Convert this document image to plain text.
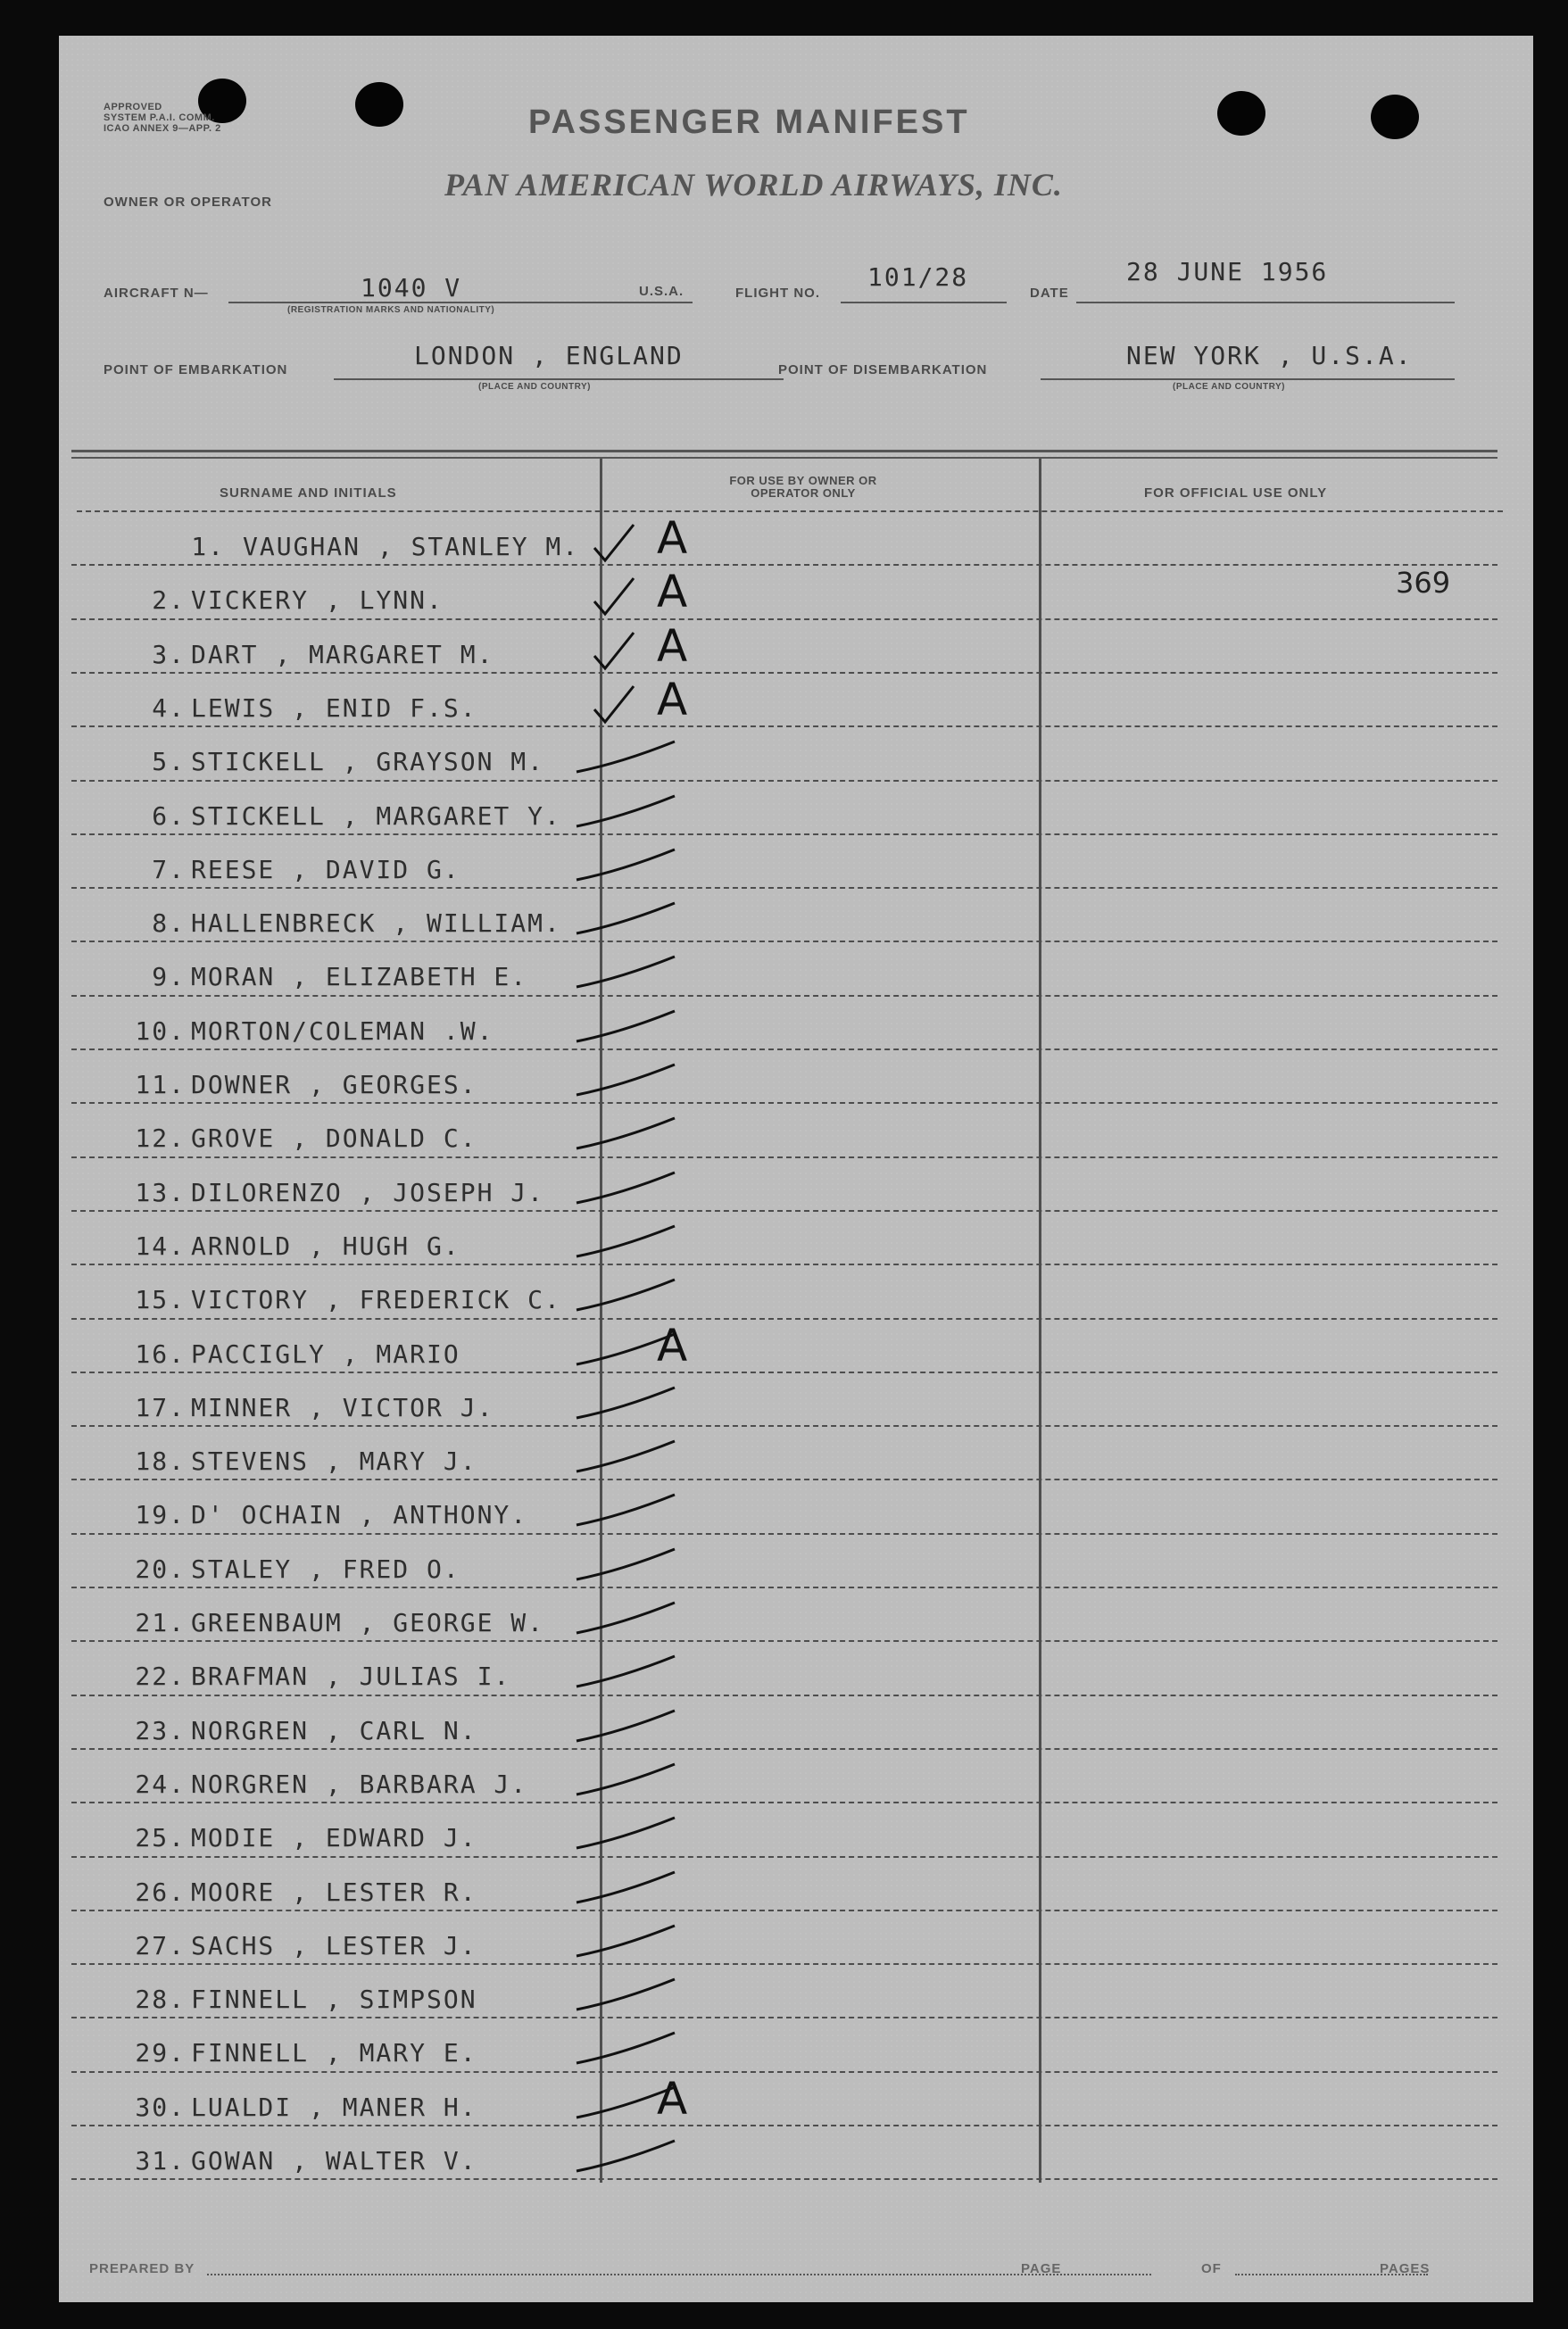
APPROVED
SYSTEM P.A.I. COMM.
ICAO ANNEX 9—APP. 2	PASSENGER MANIFEST
OWNER OR OPERATOR	PAN AMERICAN WORLD AIRWAYS, INC.
AIRCRAFT N—	1040 V
(REGISTRATION MARKS AND NATIONALITY)
U.S.A.	FLIGHT NO.
101/28
DATE
28 JUNE 1956
POINT OF EMBARKATION	LONDON , ENGLAND
(PLACE AND COUNTRY)
POINT OF DISEMBARKATION	NEW YORK , U.S.A.
(PLACE AND COUNTRY)
SURNAME AND INITIALS
FOR USE BY OWNER OR OPERATOR ONLY	FOR OFFICIAL USE ONLY
369
1. VAUGHAN , STANLEY M. A
2. VICKERY , LYNN.	A
3. DART , MARGARET M.	A
4. LEWIS , ENID F.S.	A
5. STICKELL , GRAYSON M.
6. STICKELL , MARGARET Y.
7. REESE , DAVID G.
8. HALLENBRECK , WILLIAM.
9. MORAN , ELIZABETH E.
10. MORTON/COLEMAN .W.
11. DOWNER , GEORGES.
12. GROVE , DONALD C.
13. DILORENZO , JOSEPH J.
14. ARNOLD , HUGH G.
15. VICTORY , FREDERICK C.
16. PACCIGLY , MARIO	A
17. MINNER , VICTOR J.
18. STEVENS , MARY J.
19. D' OCHAIN , ANTHONY.
20. STALEY , FRED O.
21. GREENBAUM , GEORGE W.
22. BRAFMAN , JULIAS I.
23. NORGREN , CARL N.
24. NORGREN , BARBARA J.
25. MODIE , EDWARD J.
26. MOORE , LESTER R.
27. SACHS , LESTER J.
28. FINNELL , SIMPSON
29. FINNELL , MARY E.
30. LUALDI , MANER H.	A
31. GOWAN , WALTER V.
PREPARED BY	PAGE	OF	PAGES
